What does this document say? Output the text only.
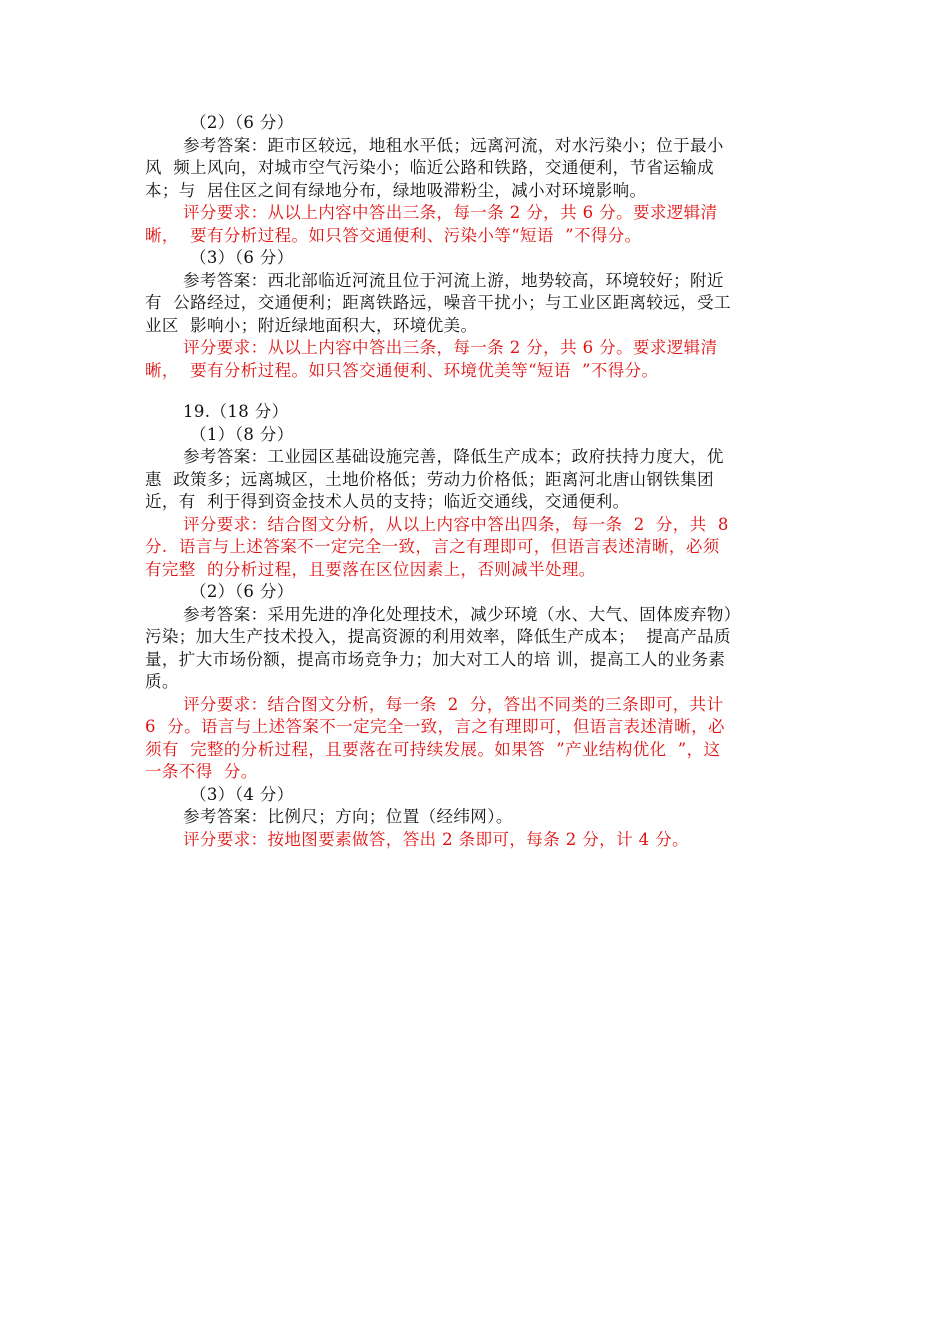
（2）（6 分）
参考答案：距市区较远，地租水平低；远离河流，对水污染小；位于最小
风  频上风向，对城市空气污染小；临近公路和铁路，交通便利，节省运输成
本；与  居住区之间有绿地分布，绿地吸滞粉尘，减小对环境影响。
评分要求：从以上内容中答出三条，每一条 2 分，共 6 分。要求逻辑清
晰，  要有分析过程。如只答交通便利、污染小等“短语  ”不得分。
（3）（6 分）
参考答案：西北部临近河流且位于河流上游，地势较高，环境较好；附近
有  公路经过，交通便利；距离铁路远，噪音干扰小；与工业区距离较远，受工
业区  影响小；附近绿地面积大，环境优美。
评分要求：从以上内容中答出三条，每一条 2 分，共 6 分。要求逻辑清
晰，  要有分析过程。如只答交通便利、环境优美等“短语  ”不得分。
19.（18 分）
（1）（8 分）
参考答案：工业园区基础设施完善，降低生产成本；政府扶持力度大，优
惠  政策多；远离城区，土地价格低；劳动力价格低；距离河北唐山钢铁集团
近，有  利于得到资金技术人员的支持；临近交通线，交通便利。
评分要求：结合图文分析，从以上内容中答出四条，每一条  2  分，共  8
分.  语言与上述答案不一定完全一致，言之有理即可，但语言表述清晰，必须
有完整  的分析过程，且要落在区位因素上，否则减半处理。
（2）（6 分）
参考答案：采用先进的净化处理技术，减少环境（水、大气、固体废弃物）
污染；加大生产技术投入，提高资源的利用效率，降低生产成本；  提高产品质
量，扩大市场份额，提高市场竞争力；加大对工人的培 训，提高工人的业务素
质。
评分要求：结合图文分析，每一条  2  分，答出不同类的三条即可，共计
6  分。语言与上述答案不一定完全一致，言之有理即可，但语言表述清晰，必
须有  完整的分析过程，且要落在可持续发展。如果答  ”产业结构优化  ”，这
一条不得  分。
（3）（4 分）
参考答案：比例尺；方向；位置（经纬网）。
评分要求：按地图要素做答，答出 2 条即可，每条 2 分，计 4 分。
